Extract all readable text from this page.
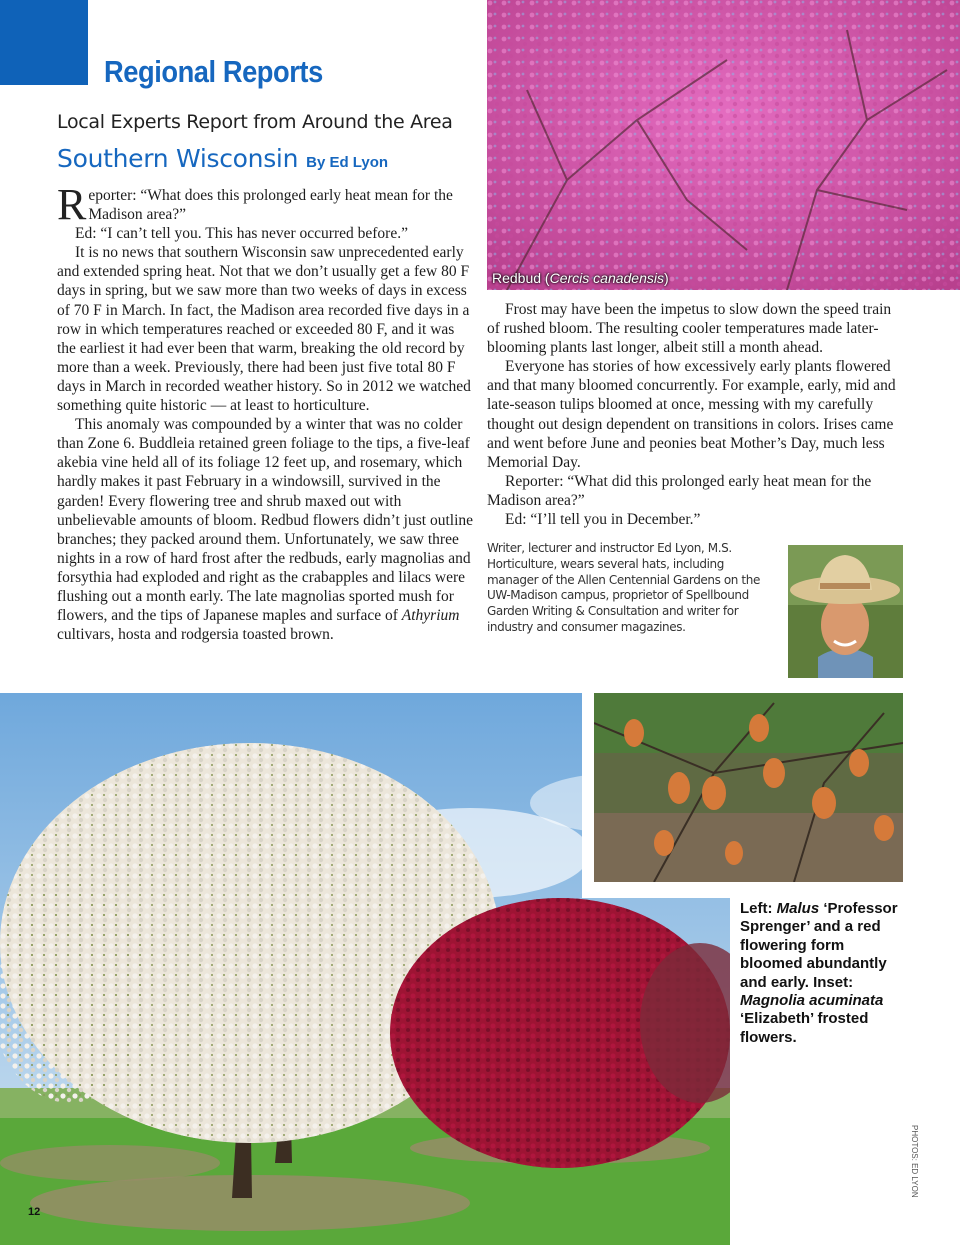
Regional Reports
Local Experts Report from Around the Area
Southern Wisconsin By Ed Lyon

Reporter: “What does this prolonged early heat mean for the Madison area?”

Ed: “I can’t tell you. This has never occurred before.”

It is no news that southern Wisconsin saw unprecedented early and extended spring heat. Not that we don’t usually get a few 80 F days in spring, but we saw more than two weeks of days in excess of 70 F in March. In fact, the Madison area recorded five days in a row in which temperatures reached or exceeded 80 F, and it was the earliest it had ever been that warm, breaking the old record by more than a week. Previously, there had been just five total 80 F days in March in recorded weather history. So in 2012 we watched something quite historic — at least to horticulture.

This anomaly was compounded by a winter that was no colder than Zone 6. Buddleia retained green foliage to the tips, a five-leaf akebia vine held all of its foliage 12 feet up, and rosemary, which hardly makes it past February in a windowsill, survived in the garden! Every flowering tree and shrub maxed out with unbelievable amounts of bloom. Redbud flowers didn’t just outline branches; they packed around them. Unfortunately, we saw three nights in a row of hard frost after the redbuds, early magnolias and forsythia had exploded and right as the crabapples and lilacs were flushing out a month early. The late magnolias sported mush for flowers, and the tips of Japanese maples and surface of Athyrium cultivars, hosta and rodgersia toasted brown.

Redbud (Cercis canadensis)

Frost may have been the impetus to slow down the speed train of rushed bloom. The resulting cooler temperatures made later-blooming plants last longer, albeit still a month ahead.

Everyone has stories of how excessively early plants flowered and that many bloomed concurrently. For example, early, mid and late-season tulips bloomed at once, messing with my carefully thought out design dependent on transitions in colors. Irises came and went before June and peonies beat Mother’s Day, much less Memorial Day.

Reporter: “What did this prolonged early heat mean for the Madison area?”

Ed: “I’ll tell you in December.”

Writer, lecturer and instructor Ed Lyon, M.S. Horticulture, wears several hats, including manager of the Allen Centennial Gardens on the UW-Madison campus, proprietor of Spellbound Garden Writing & Consultation and writer for industry and consumer magazines.
Left: Malus ‘Professor Sprenger’ and a red flowering form bloomed abundantly and early. Inset: Magnolia acuminata ‘Elizabeth’ frosted flowers.
PHOTOS: ED LYON
12
